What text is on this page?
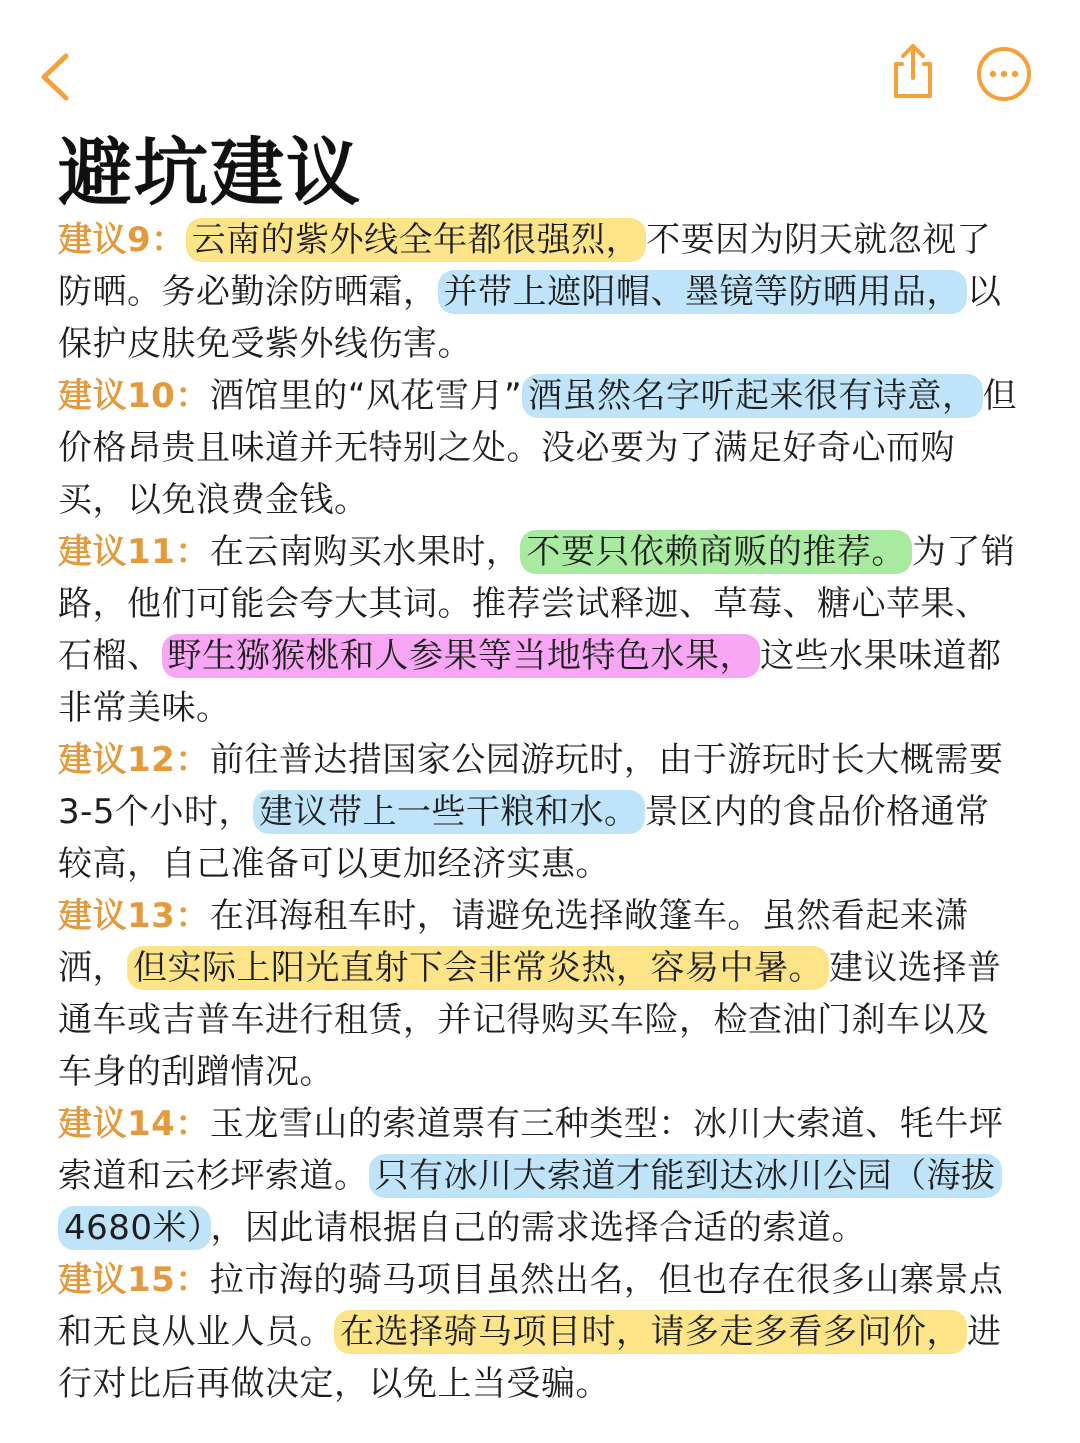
避坑建议

建议9： 云南的紫外线全年都很强烈， 不要因为阴天就忽视了防晒。务必勤涂防晒霜， 并带上遮阳帽、墨镜等防晒用品， 以保护皮肤免受紫外线伤害。

建议10：酒馆里的“风花雪月” 酒虽然名字听起来很有诗意， 但价格昂贵且味道并无特别之处。没必要为了满足好奇心而购买，以免浪费金钱。

建议11：在云南购买水果时， 不要只依赖商贩的推荐。 为了销路，他们可能会夸大其词。推荐尝试释迦、草莓、糖心苹果、石榴、 野生猕猴桃和人参果等当地特色水果， 这些水果味道都非常美味。

建议12：前往普达措国家公园游玩时，由于游玩时长大概需要3-5个小时， 建议带上一些干粮和水。 景区内的食品价格通常较高，自己准备可以更加经济实惠。

建议13：在洱海租车时，请避免选择敞篷车。虽然看起来潇洒， 但实际上阳光直射下会非常炎热，容易中暑。 建议选择普通车或吉普车进行租赁，并记得购买车险，检查油门刹车以及车身的刮蹭情况。

建议14：玉龙雪山的索道票有三种类型：冰川大索道、牦牛坪索道和云杉坪索道。 只有冰川大索道才能到达冰川公园（海拔4680米） ，因此请根据自己的需求选择合适的索道。

建议15：拉市海的骑马项目虽然出名，但也存在很多山寨景点和无良从业人员。 在选择骑马项目时，请多走多看多问价， 进行对比后再做决定，以免上当受骗。
